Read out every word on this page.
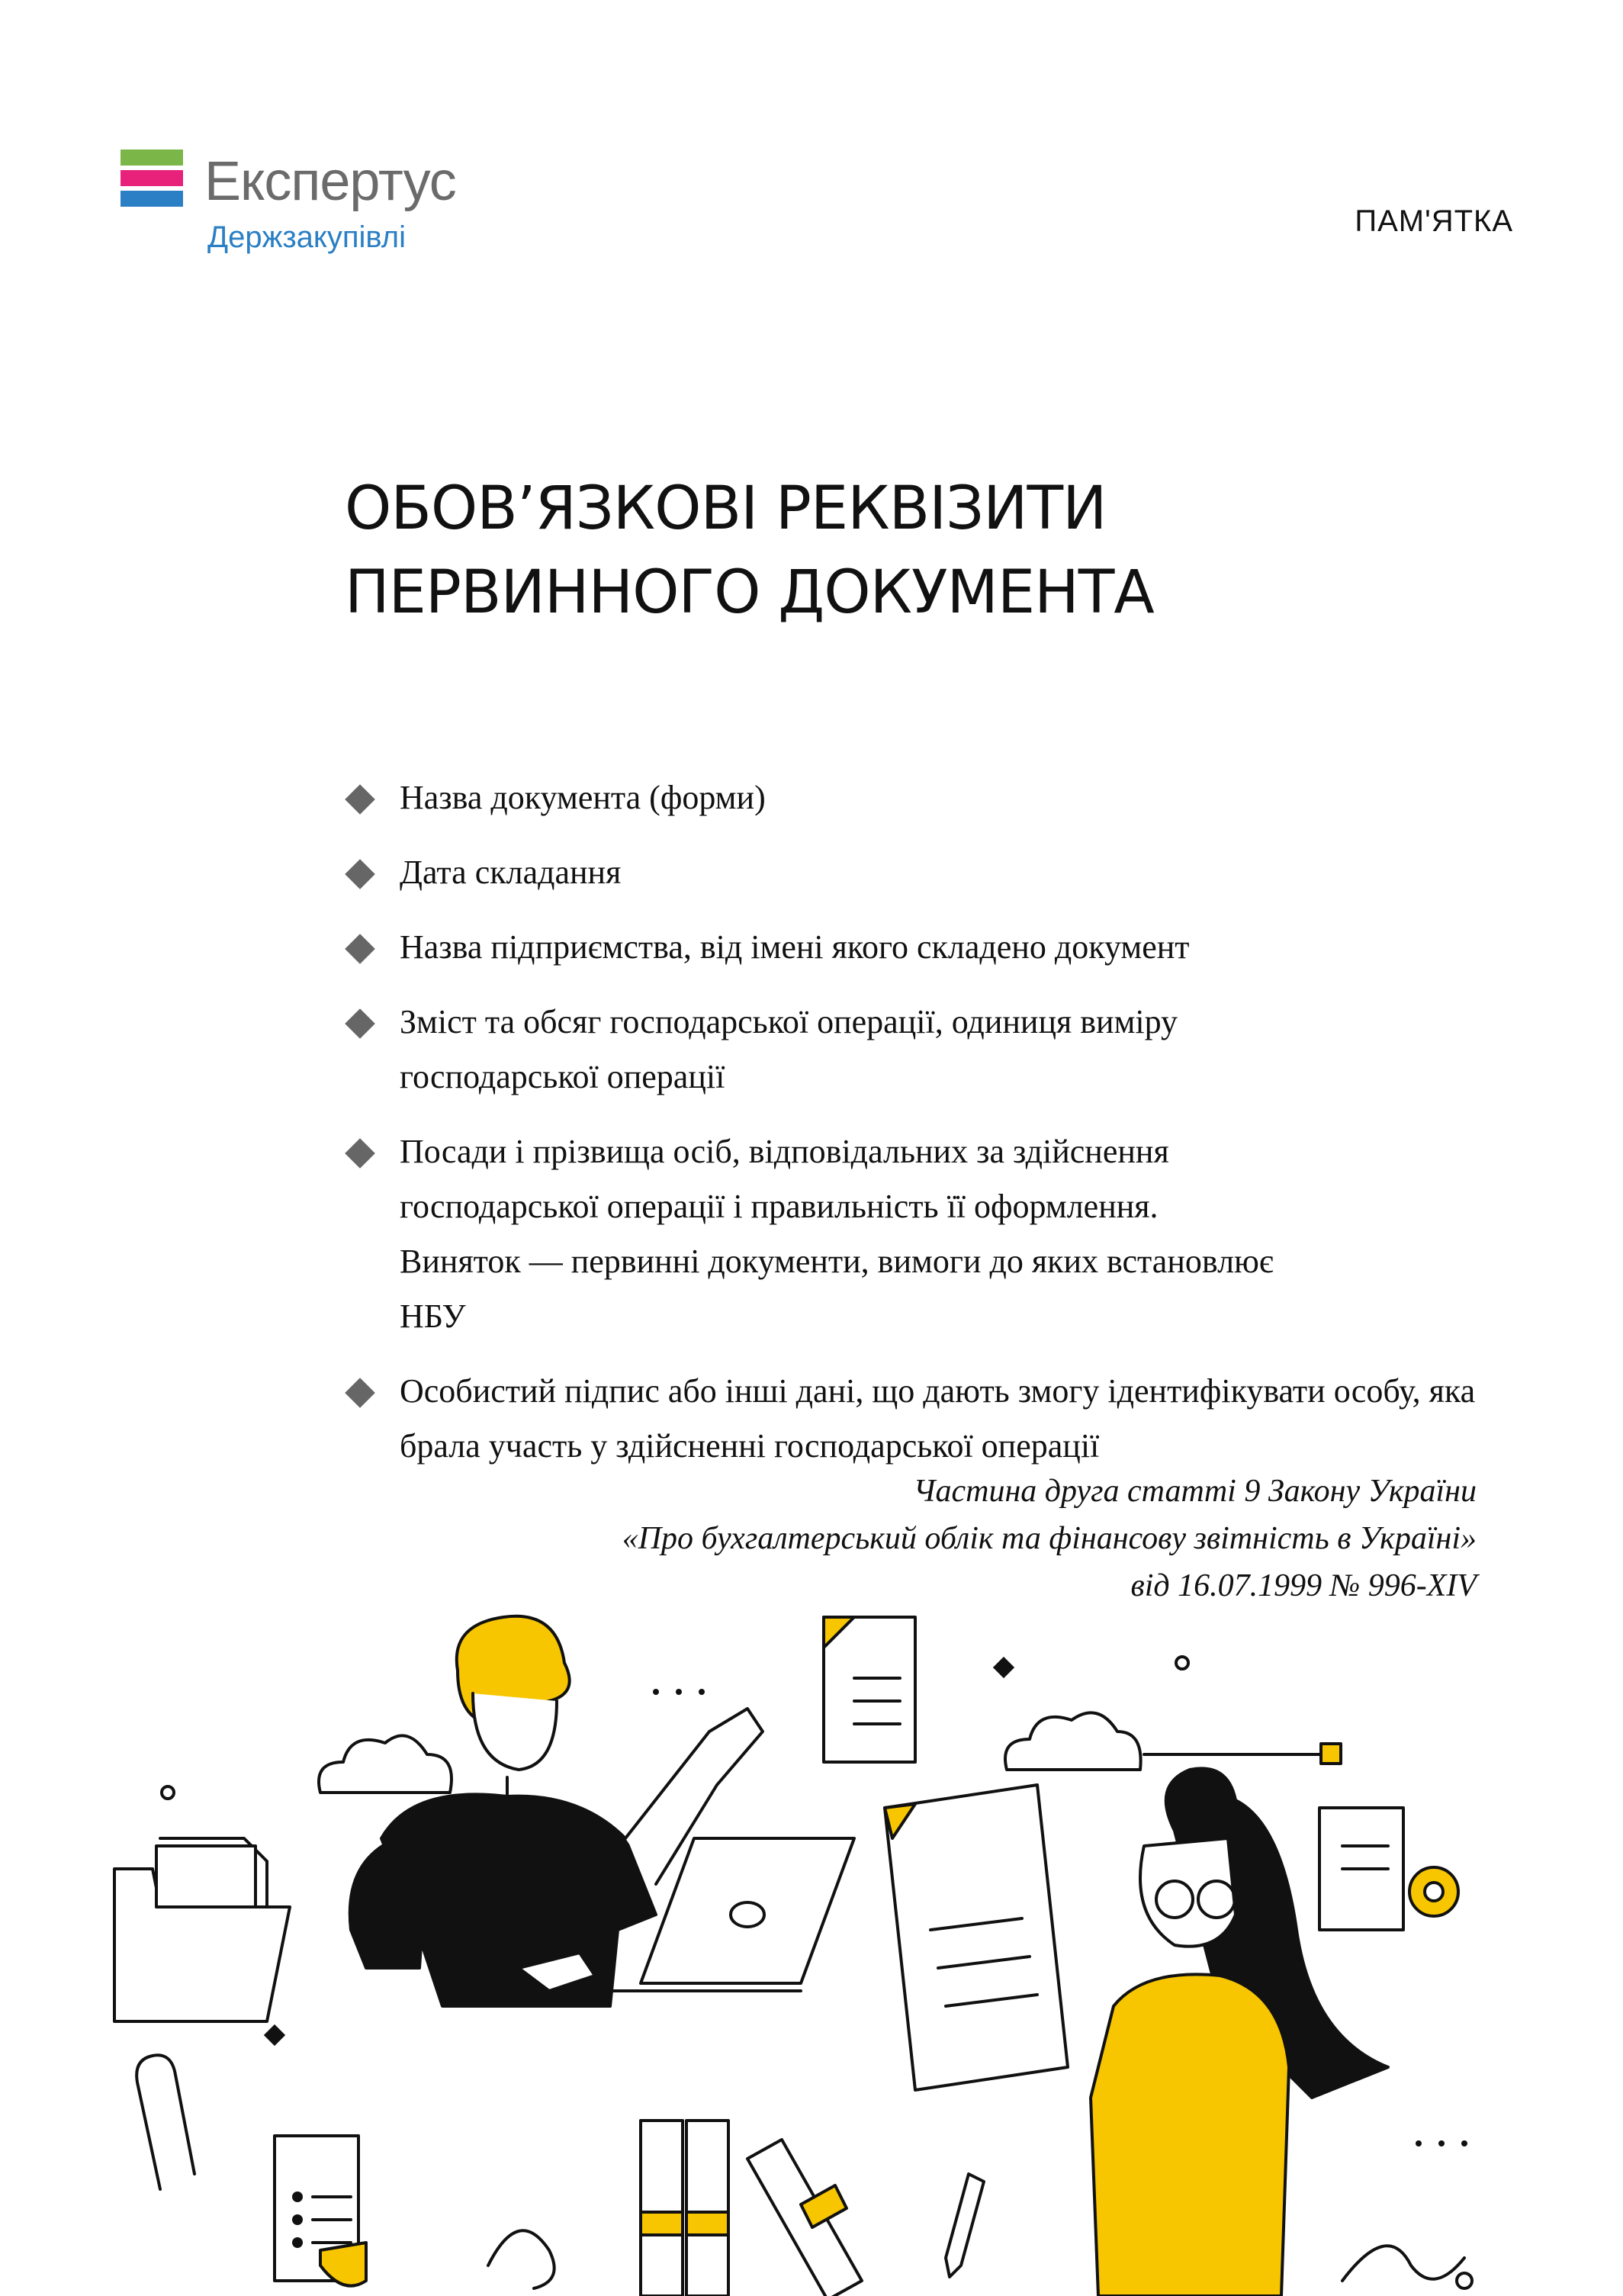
Експертус
Держзакупівлі	ПАМ'ЯТКА
ОБОВ’ЯЗКОВІ РЕКВІЗИТИ
ПЕРВИННОГО ДОКУМЕНТА
Назва документа (форми)
Дата складання
Назва підприємства, від імені якого складено документ
Зміст та обсяг господарської операції, одиниця виміру господарської операції
Посади і прізвища осіб, відповідальних за здійснення господарської операції і правильність її оформлення. Виняток — первинні документи, вимоги до яких встановлює НБУ
Особистий підпис або інші дані, що дають змогу ідентифікувати особу, яка брала участь у здійсненні господарської операції
Частина друга статті 9 Закону України
«Про бухгалтерський облік та фінансову звітність в Україні»
від 16.07.1999 № 996-XIV
